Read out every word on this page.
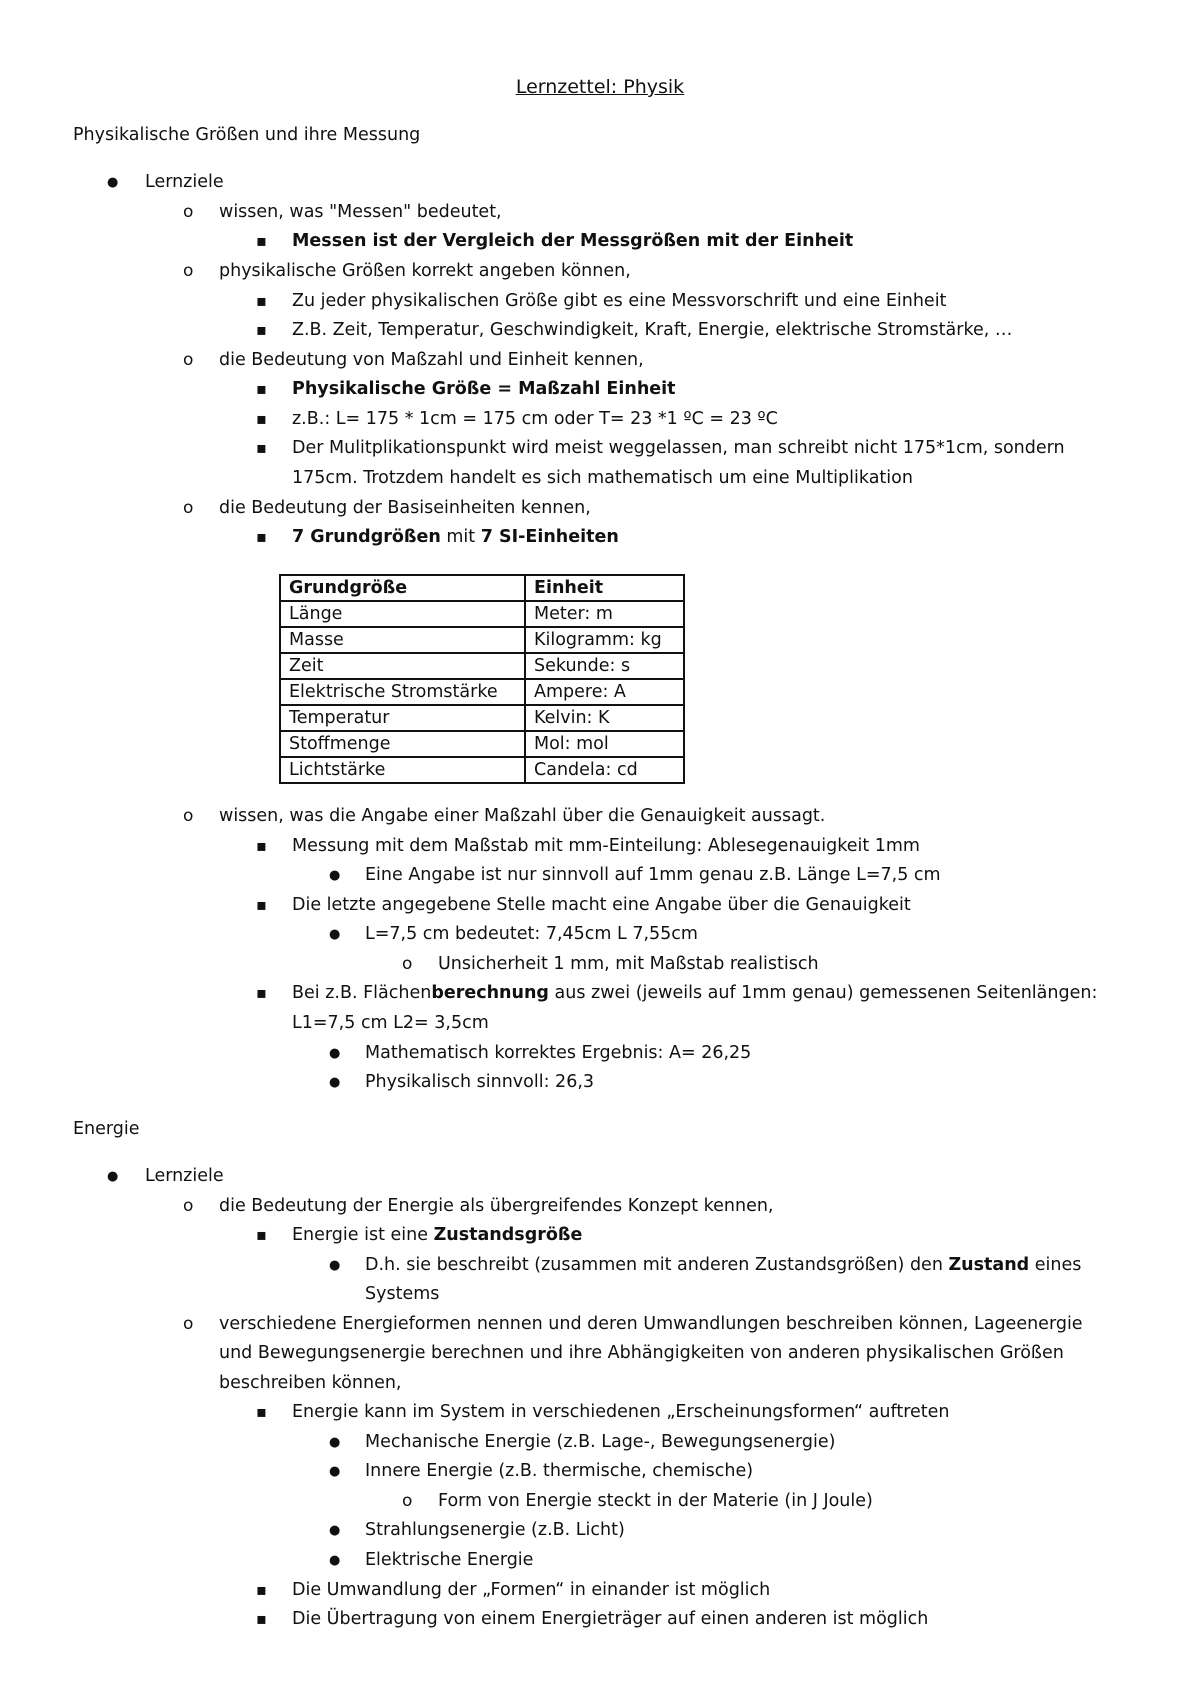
Lernzettel: Physik
Physikalische Größen und ihre Messung
●
Lernziele
o
wissen, was "Messen" bedeutet,
▪
Messen ist der Vergleich der Messgrößen mit der Einheit
o
physikalische Größen korrekt angeben können,
▪
Zu jeder physikalischen Größe gibt es eine Messvorschrift und eine Einheit
▪
Z.B. Zeit, Temperatur, Geschwindigkeit, Kraft, Energie, elektrische Stromstärke, …
o
die Bedeutung von Maßzahl und Einheit kennen,
▪
Physikalische Größe = Maßzahl Einheit
▪
z.B.: L= 175 * 1cm = 175 cm oder T= 23 *1 ºC = 23 ºC
▪
Der Mulitplikationspunkt wird meist weggelassen, man schreibt nicht 175*1cm, sondern
175cm. Trotzdem handelt es sich mathematisch um eine Multiplikation
o
die Bedeutung der Basiseinheiten kennen,
▪
7 Grundgrößen mit 7 SI-Einheiten
Grundgröße	Einheit
Länge	Meter: m
Masse	Kilogramm: kg
Zeit	Sekunde: s
Elektrische Stromstärke	Ampere: A
Temperatur	Kelvin: K
Stoffmenge	Mol: mol
Lichtstärke	Candela: cd
o
wissen, was die Angabe einer Maßzahl über die Genauigkeit aussagt.
▪
Messung mit dem Maßstab mit mm-Einteilung: Ablesegenauigkeit 1mm
●
Eine Angabe ist nur sinnvoll auf 1mm genau z.B. Länge L=7,5 cm
▪
Die letzte angegebene Stelle macht eine Angabe über die Genauigkeit
●
L=7,5 cm bedeutet: 7,45cm L 7,55cm
o
Unsicherheit 1 mm, mit Maßstab realistisch
▪
Bei z.B. Flächenberechnung aus zwei (jeweils auf 1mm genau) gemessenen Seitenlängen:
L1=7,5 cm L2= 3,5cm
●
Mathematisch korrektes Ergebnis: A= 26,25
●
Physikalisch sinnvoll: 26,3
Energie
●
Lernziele
o
die Bedeutung der Energie als übergreifendes Konzept kennen,
▪
Energie ist eine Zustandsgröße
●
D.h. sie beschreibt (zusammen mit anderen Zustandsgrößen) den Zustand eines
Systems
o
verschiedene Energieformen nennen und deren Umwandlungen beschreiben können, Lageenergie
und Bewegungsenergie berechnen und ihre Abhängigkeiten von anderen physikalischen Größen
beschreiben können,
▪
Energie kann im System in verschiedenen „Erscheinungsformen“ auftreten
●
Mechanische Energie (z.B. Lage-, Bewegungsenergie)
●
Innere Energie (z.B. thermische, chemische)
o
Form von Energie steckt in der Materie (in J Joule)
●
Strahlungsenergie (z.B. Licht)
●
Elektrische Energie
▪
Die Umwandlung der „Formen“ in einander ist möglich
▪
Die Übertragung von einem Energieträger auf einen anderen ist möglich
